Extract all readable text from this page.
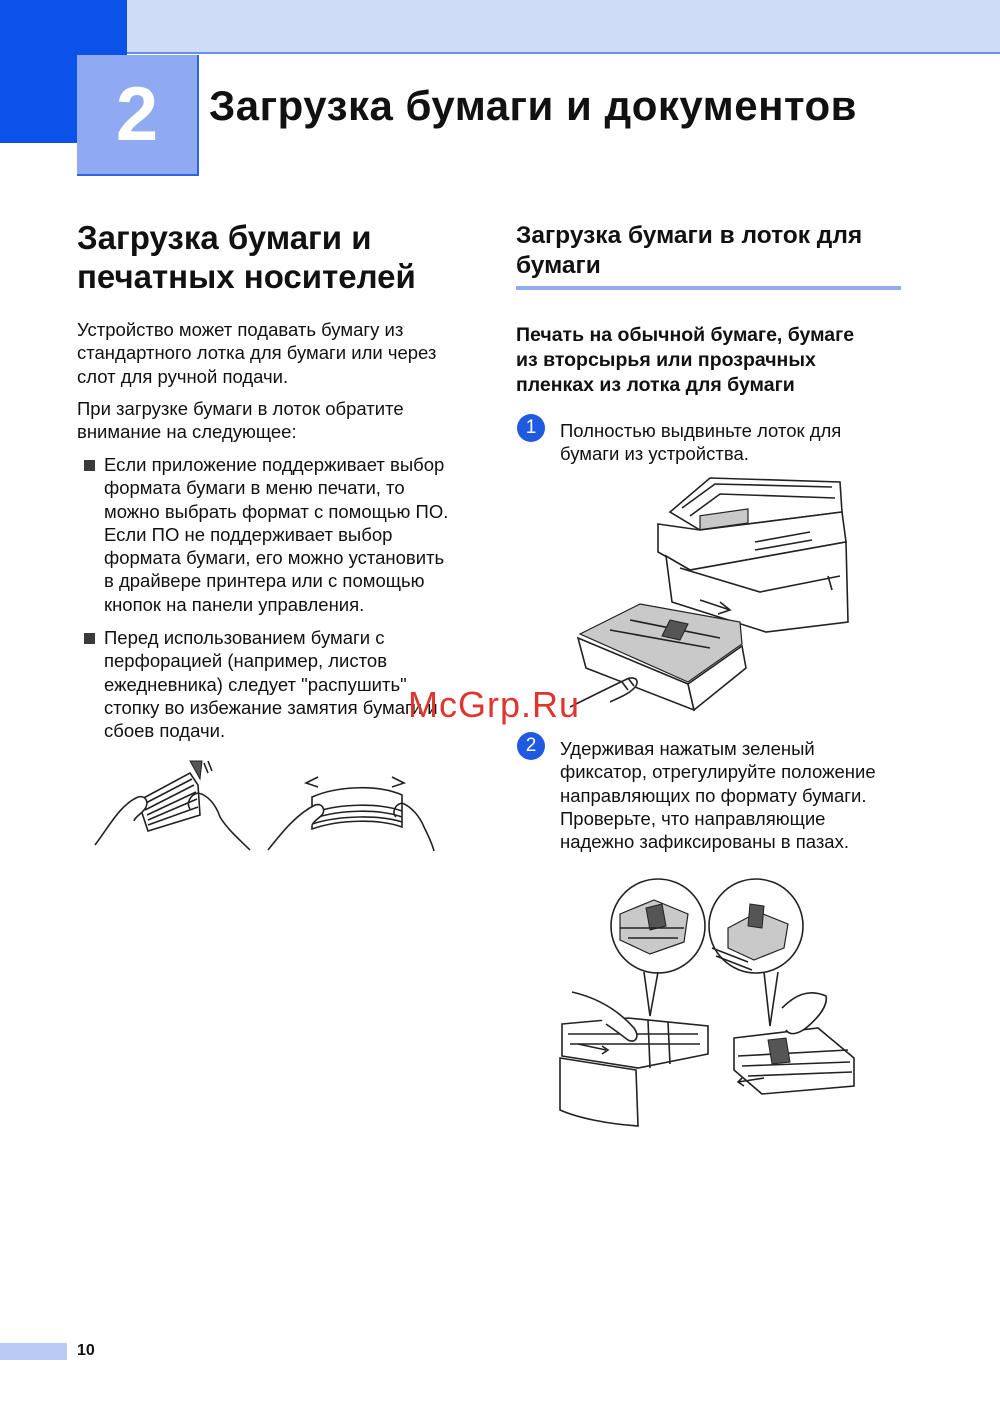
2	Загрузка бумаги и документов
Загрузка бумаги и
печатных носителей
Устройство может подавать бумагу из
стандартного лотка для бумаги или через
слот для ручной подачи.
При загрузке бумаги в лоток обратите
внимание на следующее:
Если приложение поддерживает выбор
формата бумаги в меню печати, то
можно выбрать формат с помощью ПО.
Если ПО не поддерживает выбор
формата бумаги, его можно установить
в драйвере принтера или с помощью
кнопок на панели управления.
Перед использованием бумаги с
перфорацией (например, листов
ежедневника) следует "распушить"
стопку во избежание замятия бумаги и
сбоев подачи.
Загрузка бумаги в лоток для
бумаги
Печать на обычной бумаге, бумаге
из вторсырья или прозрачных
пленках из лотка для бумаги
1	Полностью выдвиньте лоток для
бумаги из устройства.
McGrp.Ru
2	Удерживая нажатым зеленый
фиксатор, отрегулируйте положение
направляющих по формату бумаги.
Проверьте, что направляющие
надежно зафиксированы в пазах.
10
